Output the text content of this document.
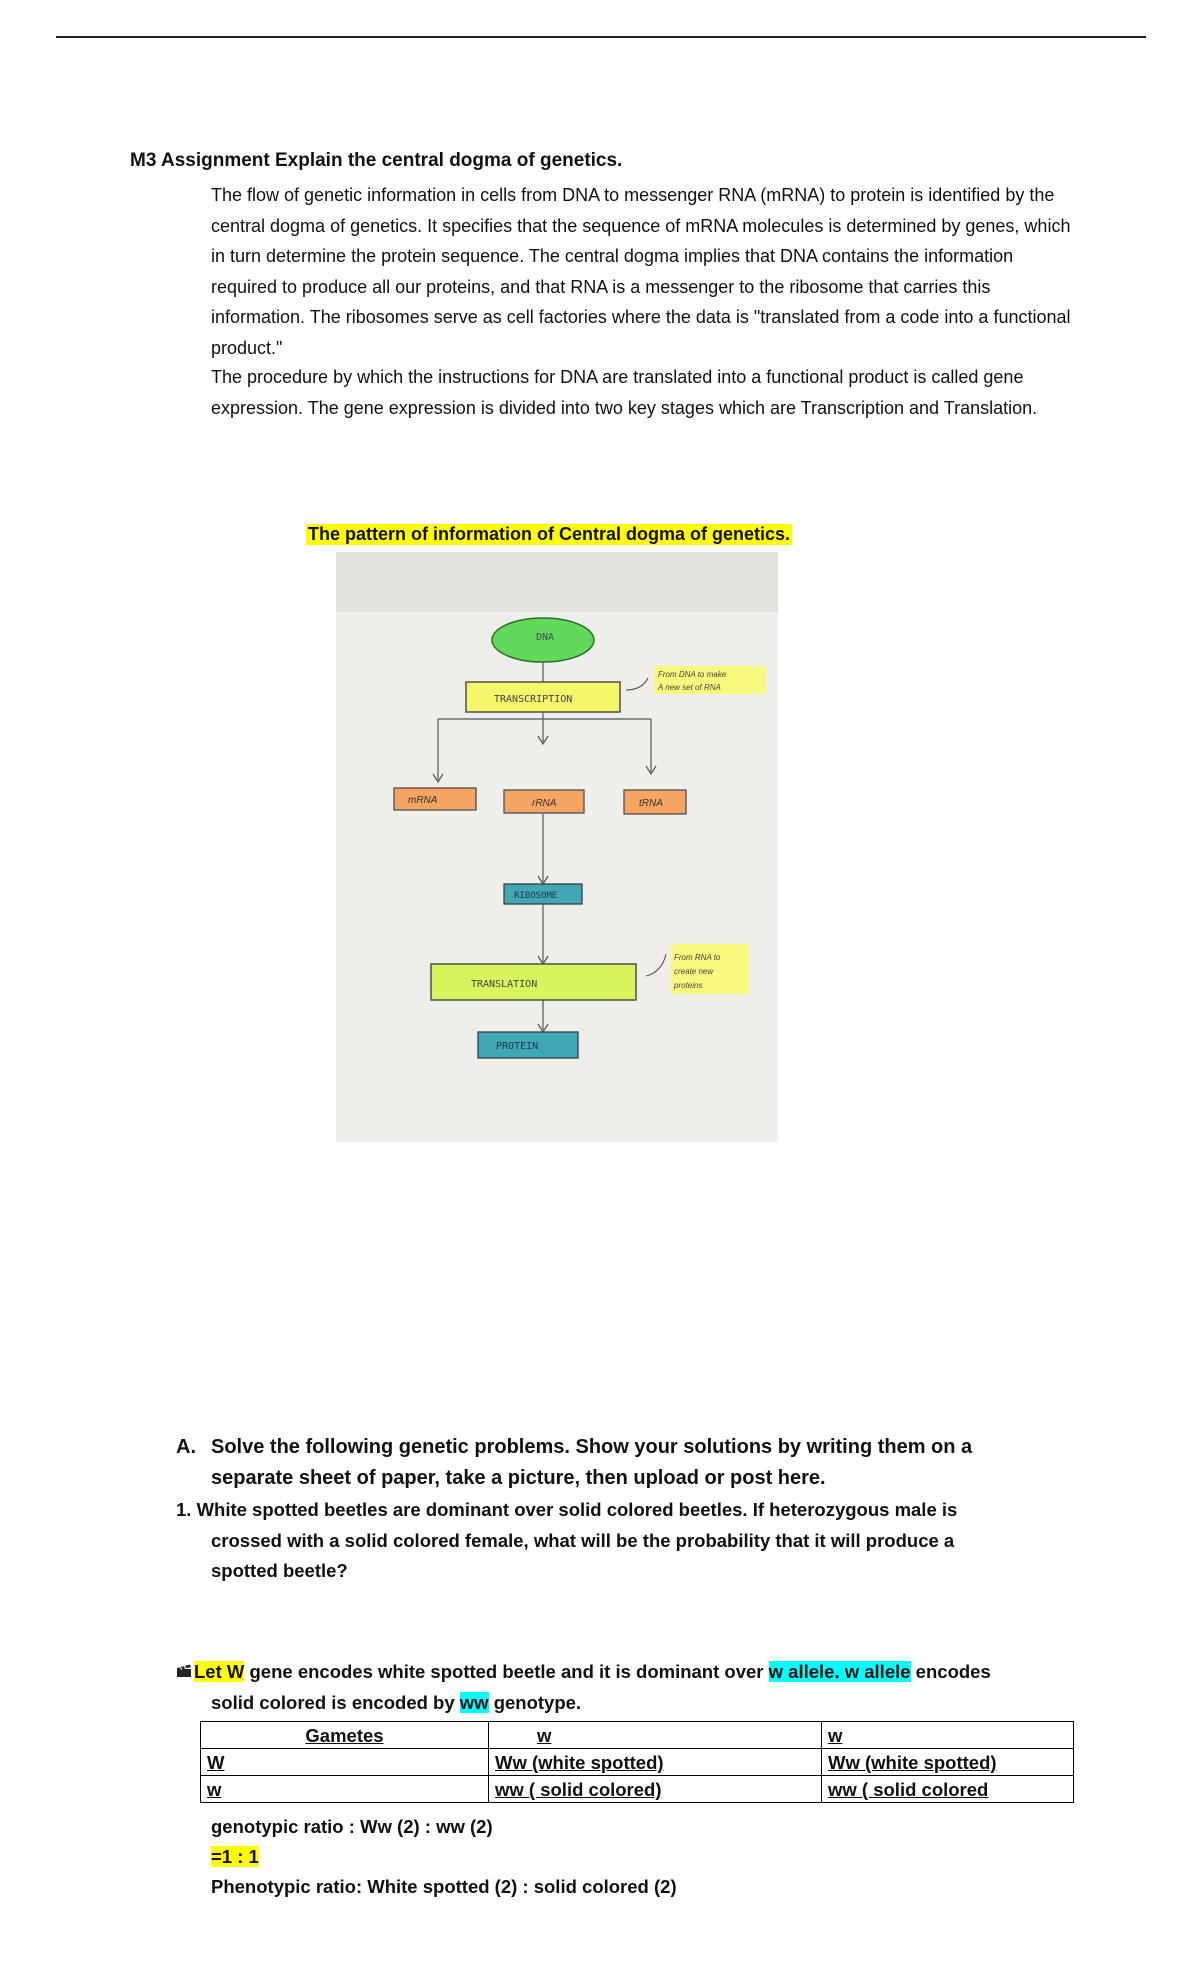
M3 Assignment Explain the central dogma of genetics.
The flow of genetic information in cells from DNA to messenger RNA (mRNA) to protein is identified by the central dogma of genetics. It specifies that the sequence of mRNA molecules is determined by genes, which in turn determine the protein sequence. The central dogma implies that DNA contains the information required to produce all our proteins, and that RNA is a messenger to the ribosome that carries this information. The ribosomes serve as cell factories where the data is "translated from a code into a functional product."
The procedure by which the instructions for DNA are translated into a functional product is called gene expression. The gene expression is divided into two key stages which are Transcription and Translation.
The pattern of information of Central dogma of genetics.
DNA
TRANSCRIPTION
From DNA to make
A new set of RNA
mRNA	rRNA	tRNA
RIBOSOME
TRANSLATION
From RNA to
create new
proteins
PROTEIN
A. Solve the following genetic problems. Show your solutions by writing them on a separate sheet of paper, take a picture, then upload or post here.
1. White spotted beetles are dominant over solid colored beetles. If heterozygous male is
crossed with a solid colored female, what will be the probability that it will produce a
spotted beetle?
Let W gene encodes white spotted beetle and it is dominant over w allele. w allele encodes
solid colored is encoded by ww genotype.
Gametes	w	w
W	Ww (white spotted)	Ww (white spotted)
w	ww ( solid colored)	ww ( solid colored
genotypic ratio : Ww (2) : ww (2)
=1 : 1
Phenotypic ratio: White spotted (2) : solid colored (2)
